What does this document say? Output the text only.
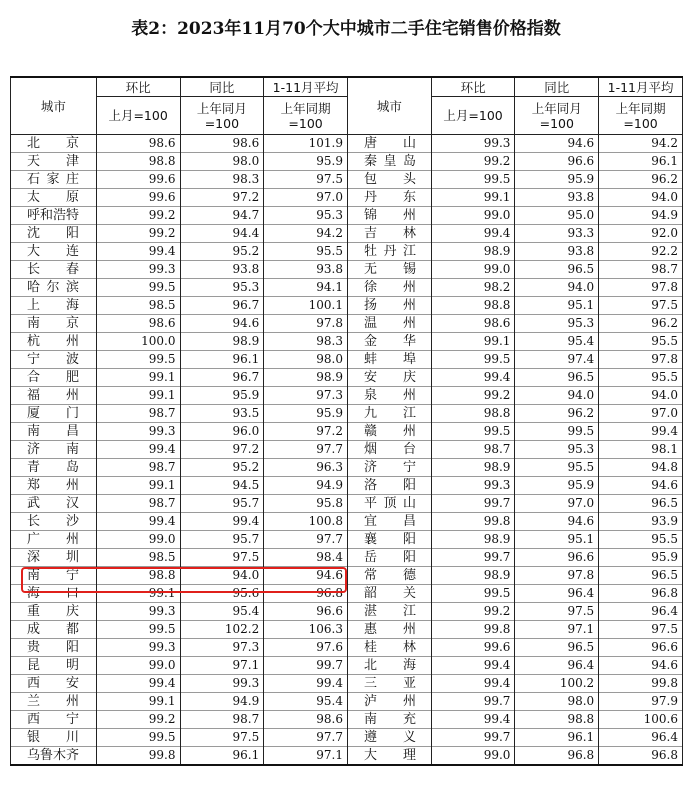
表2：2023年11月70个大中城市二手住宅销售价格指数
城市	环比	同比	1-11月平均	城市	环比	同比	1-11月平均
	上月=100	上年同月=100	上年同期=100		上月=100	上年同月=100	上年同期=100

北 京	98.6	98.6	101.9	唐 山	99.3	94.6	94.2

天 津	98.8	98.0	95.9	秦 皇 岛	99.2	96.6	96.1

石 家 庄	99.6	98.3	97.5	包 头	99.5	95.9	96.2

太 原	99.6	97.2	97.0	丹 东	99.1	93.8	94.0

呼 和 浩 特	99.2	94.7	95.3	锦 州	99.0	95.0	94.9

沈 阳	99.2	94.4	94.2	吉 林	99.4	93.3	92.0

大 连	99.4	95.2	95.5	牡 丹 江	98.9	93.8	92.2

长 春	99.3	93.8	93.8	无 锡	99.0	96.5	98.7

哈 尔 滨	99.5	95.3	94.1	徐 州	98.2	94.0	97.8

上 海	98.5	96.7	100.1	扬 州	98.8	95.1	97.5

南 京	98.6	94.6	97.8	温 州	98.6	95.3	96.2

杭 州	100.0	98.9	98.3	金 华	99.1	95.4	95.5

宁 波	99.5	96.1	98.0	蚌 埠	99.5	97.4	97.8

合 肥	99.1	96.7	98.9	安 庆	99.4	96.5	95.5

福 州	99.1	95.9	97.3	泉 州	99.2	94.0	94.0

厦 门	98.7	93.5	95.9	九 江	98.8	96.2	97.0

南 昌	99.3	96.0	97.2	赣 州	99.5	99.5	99.4

济 南	99.4	97.2	97.7	烟 台	98.7	95.3	98.1

青 岛	98.7	95.2	96.3	济 宁	98.9	95.5	94.8

郑 州	99.1	94.5	94.9	洛 阳	99.3	95.9	94.6

武 汉	98.7	95.7	95.8	平 顶 山	99.7	97.0	96.5

长 沙	99.4	99.4	100.8	宜 昌	99.8	94.6	93.9

广 州	99.0	95.7	97.7	襄 阳	98.9	95.1	95.5

深 圳	98.5	97.5	98.4	岳 阳	99.7	96.6	95.9

南 宁	98.8	94.0	94.6	常 德	98.9	97.8	96.5

海 口	99.1	95.6	96.8	韶 关	99.5	96.4	96.8

重 庆	99.3	95.4	96.6	湛 江	99.2	97.5	96.4

成 都	99.5	102.2	106.3	惠 州	99.8	97.1	97.5

贵 阳	99.3	97.3	97.6	桂 林	99.6	96.5	96.6

昆 明	99.0	97.1	99.7	北 海	99.4	96.4	94.6

西 安	99.4	99.3	99.4	三 亚	99.4	100.2	99.8

兰 州	99.1	94.9	95.4	泸 州	99.7	98.0	97.9

西 宁	99.2	98.7	98.6	南 充	99.4	98.8	100.6

银 川	99.5	97.5	97.7	遵 义	99.7	96.1	96.4

乌 鲁 木 齐	99.8	96.1	97.1	大 理	99.0	96.8	96.8
